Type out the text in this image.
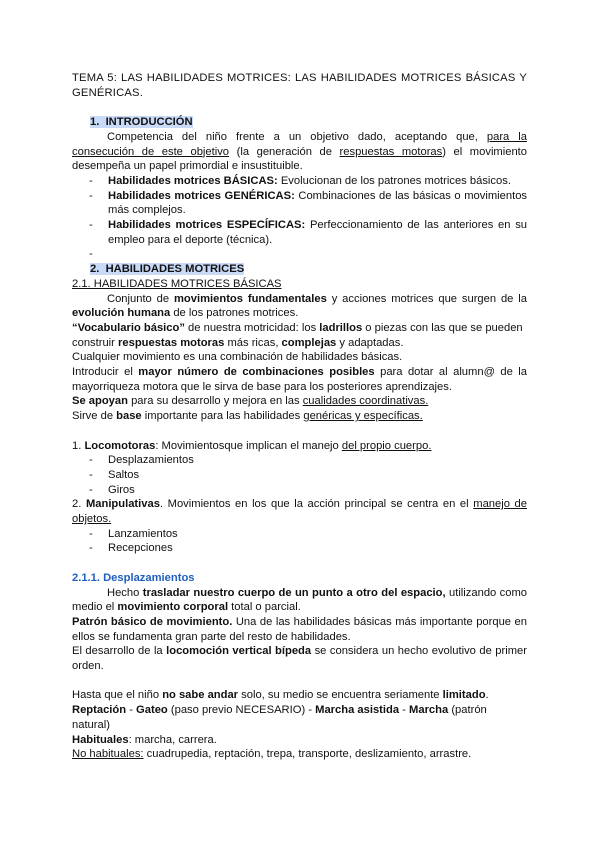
TEMA 5: LAS HABILIDADES MOTRICES: LAS HABILIDADES MOTRICES BÁSICAS Y GENÉRICAS.
1. INTRODUCCIÓN
Competencia del niño frente a un objetivo dado, aceptando que, para la consecución de este objetivo (la generación de respuestas motoras) el movimiento desempeña un papel primordial e insustituible.
- Habilidades motrices BÁSICAS: Evolucionan de los patrones motrices básicos.
- Habilidades motrices GENÉRICAS: Combinaciones de las básicas o movimientos más complejos.
- Habilidades motrices ESPECÍFICAS: Perfeccionamiento de las anteriores en su empleo para el deporte (técnica).
-
2. HABILIDADES MOTRICES
2.1. HABILIDADES MOTRICES BÁSICAS
Conjunto de movimientos fundamentales y acciones motrices que surgen de la evolución humana de los patrones motrices.
“Vocabulario básico” de nuestra motricidad: los ladrillos o piezas con las que se pueden construir respuestas motoras más ricas, complejas y adaptadas.
Cualquier movimiento es una combinación de habilidades básicas.
Introducir el mayor número de combinaciones posibles para dotar al alumn@ de la mayorriqueza motora que le sirva de base para los posteriores aprendizajes.
Se apoyan para su desarrollo y mejora en las cualidades coordinativas.
Sirve de base importante para las habilidades genéricas y específicas.
1. Locomotoras: Movimientosque implican el manejo del propio cuerpo.
- Desplazamientos
- Saltos
- Giros
2. Manipulativas. Movimientos en los que la acción principal se centra en el manejo de objetos.
- Lanzamientos
- Recepciones
2.1.1. Desplazamientos
Hecho trasladar nuestro cuerpo de un punto a otro del espacio, utilizando como medio el movimiento corporal total o parcial.
Patrón básico de movimiento. Una de las habilidades básicas más importante porque en ellos se fundamenta gran parte del resto de habilidades.
El desarrollo de la locomoción vertical bípeda se considera un hecho evolutivo de primer orden.
Hasta que el niño no sabe andar solo, su medio se encuentra seriamente limitado.
Reptación - Gateo (paso previo NECESARIO) - Marcha asistida - Marcha (patrón natural)
Habituales: marcha, carrera.
No habituales: cuadrupedia, reptación, trepa, transporte, deslizamiento, arrastre.
